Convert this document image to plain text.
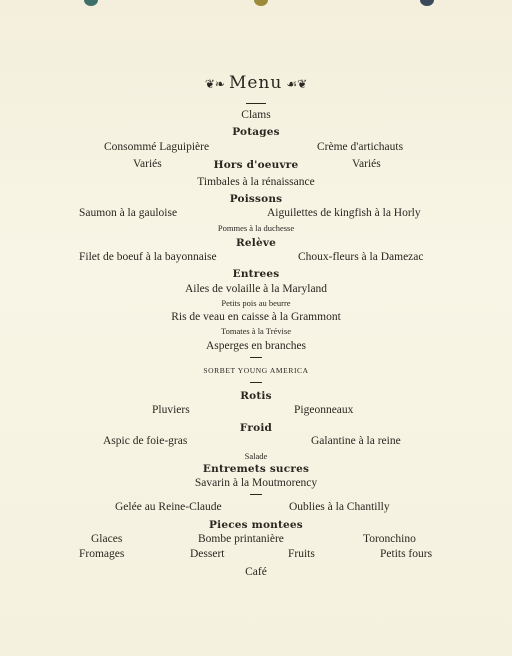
❦❧ Menu ☙❦
Clams
Potages
Consommé Laguipière	Crème d'artichauts
Variés	Hors d'oeuvre	Variés
Timbales à la rénaissance
Poissons
Saumon à la gauloise	Aiguilettes de kingfish à la Horly
Pommes à la duchesse
Relève
Filet de boeuf à la bayonnaise	Choux-fleurs à la Damezac
Entrees
Ailes de volaille à la Maryland
Petits pois au beurre
Ris de veau en caisse à la Grammont
Tomates à la Trévise
Asperges en branches
SORBET YOUNG AMERICA
Rotis
Pluviers	Pigeonneaux
Froid
Aspic de foie-gras	Galantine à la reine
Salade
Entremets sucres
Savarin à la Moutmorency
Gelée au Reine-Claude	Oublies à la Chantilly
Pieces montees
Glaces	Bombe printanière	Toronchino
Fromages	Dessert	Fruits	Petits fours
Café
